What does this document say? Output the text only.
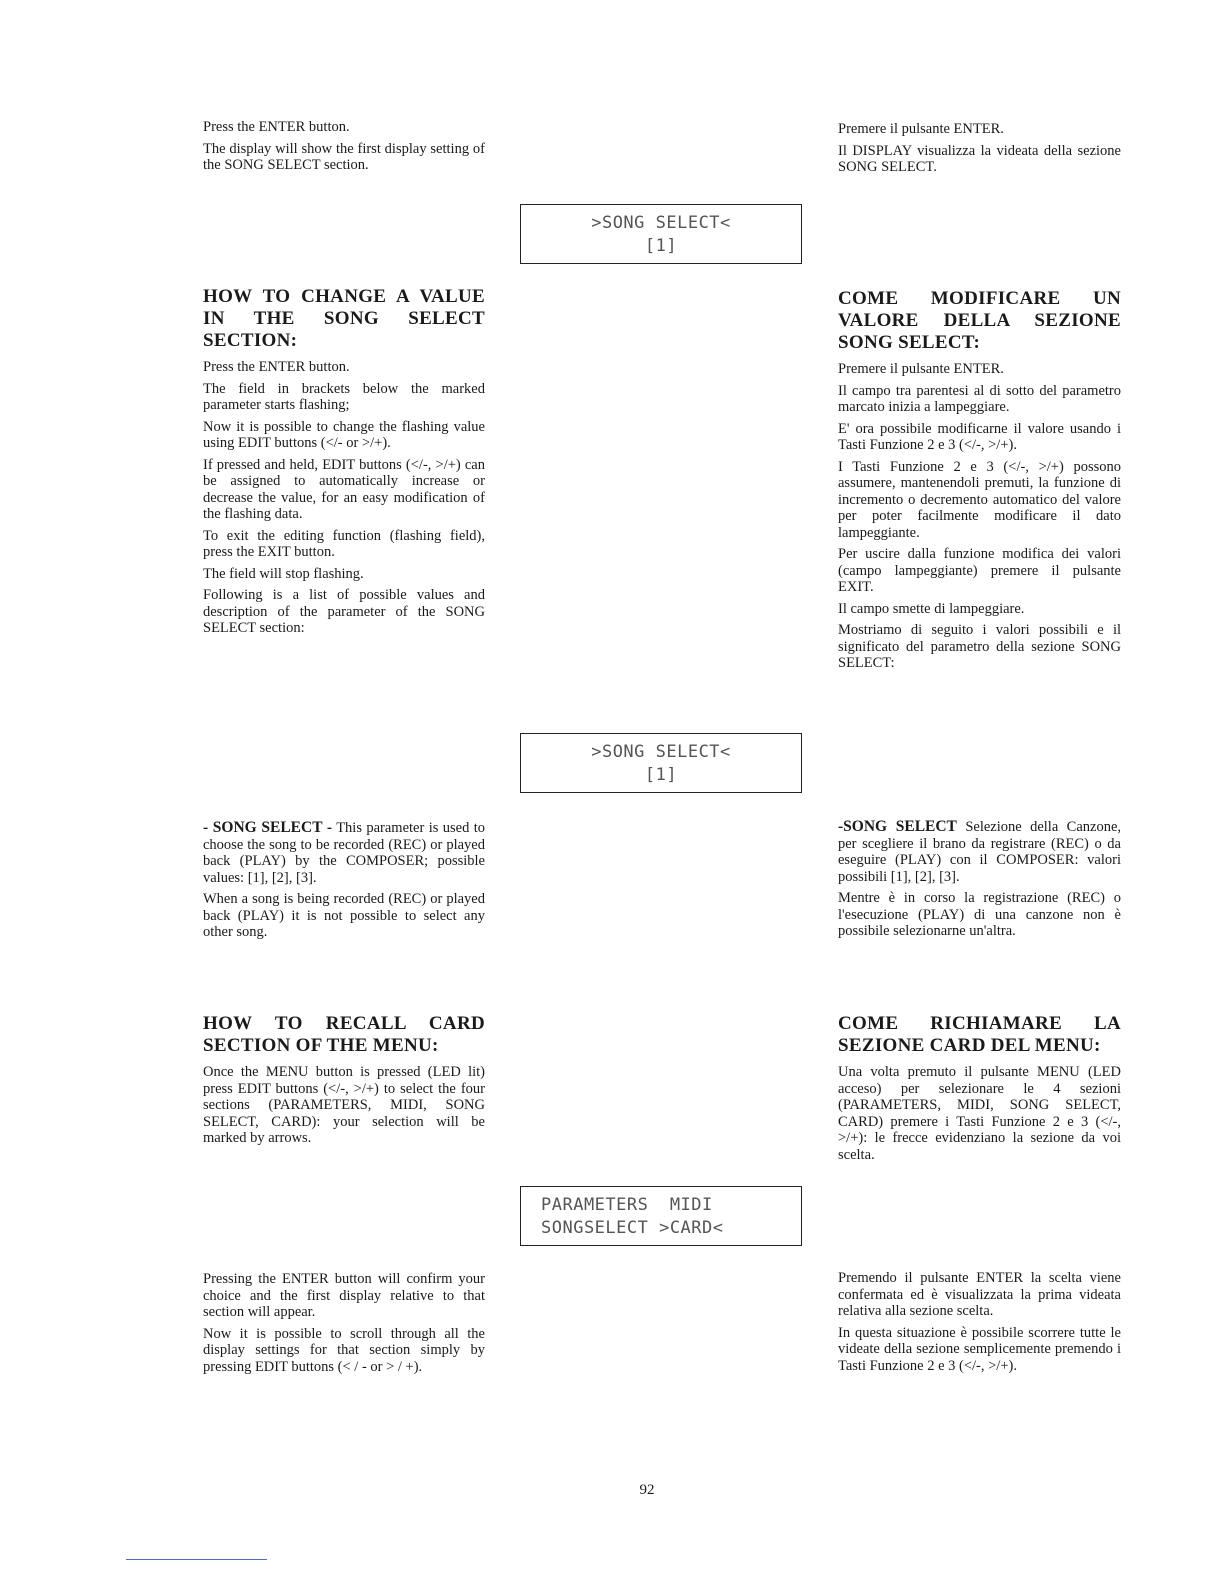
Press the ENTER button.

The display will show the first display setting of the SONG SELECT section.

Premere il pulsante ENTER.

Il DISPLAY visualizza la videata della sezione SONG SELECT.

>SONG SELECT<
[1]
HOW TO CHANGE A VALUE IN THE SONG SELECT SECTION:

Press the ENTER button.

The field in brackets below the marked parameter starts flashing;

Now it is possible to change the flashing value using EDIT buttons (</- or >/+).

If pressed and held, EDIT buttons (</-, >/+) can be assigned to automatically increase or decrease the value, for an easy modification of the flashing data.

To exit the editing function (flashing field), press the EXIT button.

The field will stop flashing.

Following is a list of possible values and description of the parameter of the SONG SELECT section:

COME MODIFICARE UN VALORE DELLA SEZIONE SONG SELECT:

Premere il pulsante ENTER.

Il campo tra parentesi al di sotto del parametro marcato inizia a lampeggiare.

E' ora possibile modificarne il valore usando i Tasti Funzione 2 e 3 (</-, >/+).

I Tasti Funzione 2 e 3 (</-, >/+) possono assumere, mantenendoli premuti, la funzione di incremento o decremento automatico del valore per poter facilmente modificare il dato lampeggiante.

Per uscire dalla funzione modifica dei valori (campo lampeggiante) premere il pulsante EXIT.

Il campo smette di lampeggiare.

Mostriamo di seguito i valori possibili e il significato del parametro della sezione SONG SELECT:

>SONG SELECT<
[1]

- SONG SELECT - This parameter is used to choose the song to be recorded (REC) or played back (PLAY) by the COMPOSER; possible values: [1], [2], [3].

When a song is being recorded (REC) or played back (PLAY) it is not possible to select any other song.

-SONG SELECT Selezione della Canzone, per scegliere il brano da registrare (REC) o da eseguire (PLAY) con il COMPOSER: valori possibili [1], [2], [3].

Mentre è in corso la registrazione (REC) o l'esecuzione (PLAY) di una canzone non è possibile selezionarne un'altra.

HOW TO RECALL CARD SECTION OF THE MENU:

Once the MENU button is pressed (LED lit) press EDIT buttons (</-, >/+) to select the four sections (PARAMETERS, MIDI, SONG SELECT, CARD): your selection will be marked by arrows.

COME RICHIAMARE LA SEZIONE CARD DEL MENU:

Una volta premuto il pulsante MENU (LED acceso) per selezionare le 4 sezioni (PARAMETERS, MIDI, SONG SELECT, CARD) premere i Tasti Funzione 2 e 3 (</-, >/+): le frecce evidenziano la sezione da voi scelta.

PARAMETERS  MIDI
SONGSELECT >CARD<

Pressing the ENTER button will confirm your choice and the first display relative to that section will appear.

Now it is possible to scroll through all the display settings for that section simply by pressing EDIT buttons (< / - or > / +).

Premendo il pulsante ENTER la scelta viene confermata ed è visualizzata la prima videata relativa alla sezione scelta.

In questa situazione è possibile scorrere tutte le videate della sezione semplicemente premendo i Tasti Funzione 2 e 3 (</-, >/+).

92
